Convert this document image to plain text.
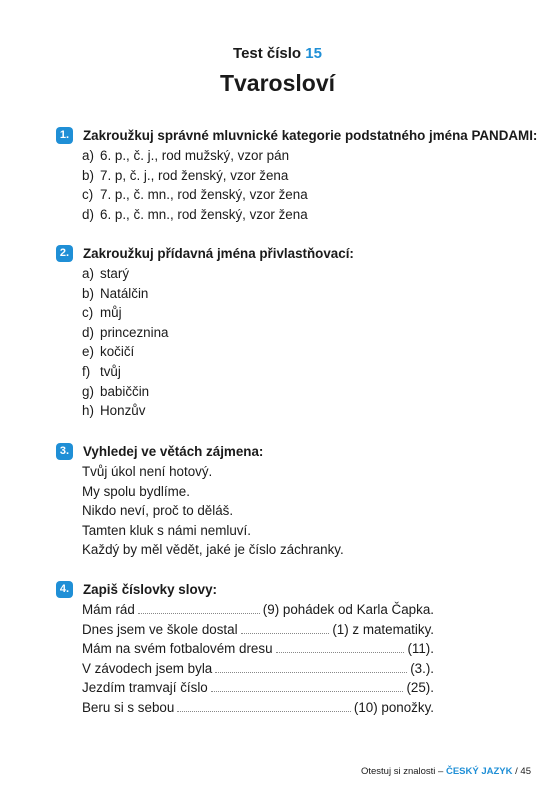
Test číslo 15
Tvarosloví
1. Zakroužkuj správné mluvnické kategorie podstatného jména PANDAMI:
a) 6. p., č. j., rod mužský, vzor pán
b) 7. p, č. j., rod ženský, vzor žena
c) 7. p., č. mn., rod ženský, vzor žena
d) 6. p., č. mn., rod ženský, vzor žena
2. Zakroužkuj přídavná jména přivlastňovací:
a) starý
b) Natálčin
c) můj
d) princeznina
e) kočičí
f) tvůj
g) babiččin
h) Honzův
3. Vyhledej ve větách zájmena:
Tvůj úkol není hotový.
My spolu bydlíme.
Nikdo neví, proč to děláš.
Tamten kluk s námi nemluví.
Každý by měl vědět, jaké je číslo záchranky.
4. Zapiš číslovky slovy:
Mám rád	(9) pohádek od Karla Čapka.
Dnes jsem ve škole dostal	(1) z matematiky.
Mám na svém fotbalovém dresu	(11).
V závodech jsem byla	(3.).
Jezdím tramvají číslo	(25).
Beru si s sebou	(10) ponožky.
Otestuj si znalosti – ČESKÝ JAZYK / 45
